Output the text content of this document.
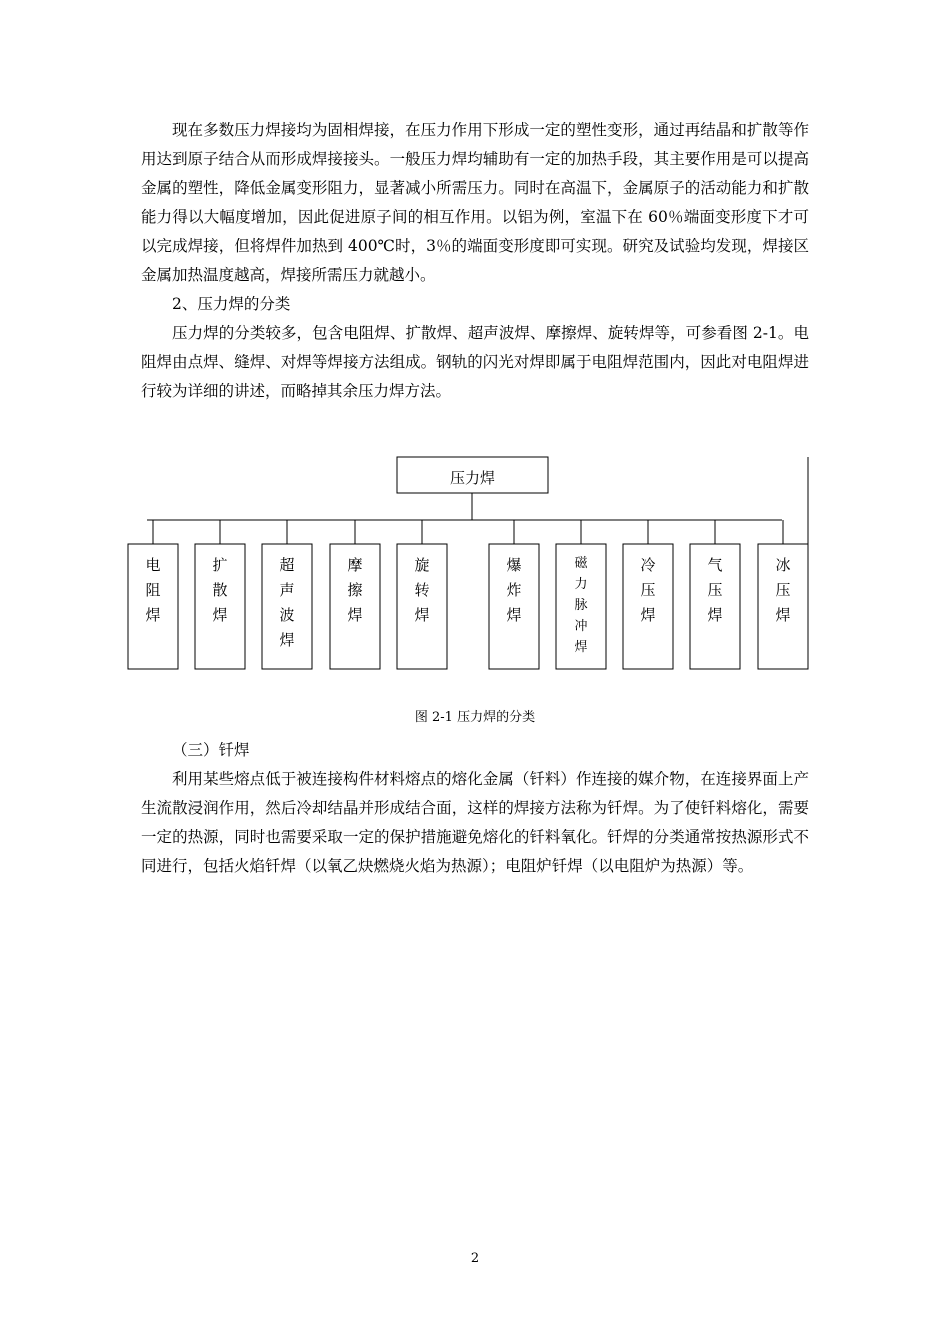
现在多数压力焊接均为固相焊接，在压力作用下形成一定的塑性变形，通过再结晶和扩散等作用达到原子结合从而形成焊接接头。一般压力焊均辅助有一定的加热手段，其主要作用是可以提高金属的塑性，降低金属变形阻力，显著减小所需压力。同时在高温下，金属原子的活动能力和扩散能力得以大幅度增加，因此促进原子间的相互作用。以铝为例，室温下在 60％端面变形度下才可以完成焊接，但将焊件加热到 400℃时，3％的端面变形度即可实现。研究及试验均发现，焊接区金属加热温度越高，焊接所需压力就越小。

2、压力焊的分类

压力焊的分类较多，包含电阻焊、扩散焊、超声波焊、摩擦焊、旋转焊等，可参看图 2-1。电阻焊由点焊、缝焊、对焊等焊接方法组成。钢轨的闪光对焊即属于电阻焊范围内，因此对电阻焊进行较为详细的讲述，而略掉其余压力焊方法。

压力焊
电
阻
焊
扩
散
焊
超
声
波
焊
摩
擦
焊
旋
转
焊
爆
炸
焊
磁
力
脉
冲
焊
冷
压
焊
气
压
焊
冰
压
焊
图 2-1 压力焊的分类

（三）钎焊

利用某些熔点低于被连接构件材料熔点的熔化金属（钎料）作连接的媒介物，在连接界面上产生流散浸润作用，然后冷却结晶并形成结合面，这样的焊接方法称为钎焊。为了使钎料熔化，需要一定的热源，同时也需要采取一定的保护措施避免熔化的钎料氧化。钎焊的分类通常按热源形式不同进行，包括火焰钎焊（以氧乙炔燃烧火焰为热源）；电阻炉钎焊（以电阻炉为热源）等。

2
